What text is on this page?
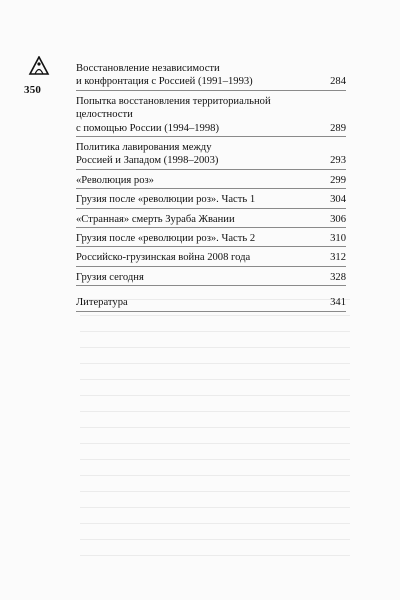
350
Восстановление независимости
и конфронтация с Россией (1991–1993)	284
Попытка восстановления территориальной целостности
с помощью России (1994–1998)	289
Политика лавирования между
Россией и Западом (1998–2003)	293
«Революция роз»	299
Грузия после «революции роз». Часть 1	304
«Странная» смерть Зураба Жвании	306
Грузия после «революции роз». Часть 2	310
Российско-грузинская война 2008 года	312
Грузия сегодня	328
Литература	341
